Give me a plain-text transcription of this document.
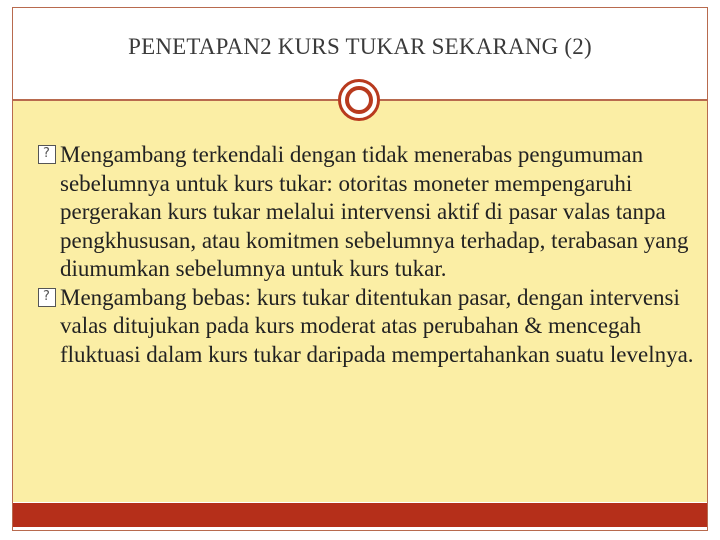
PENETAPAN2 KURS TUKAR SEKARANG (2)

?
Mengambang terkendali dengan tidak menerabas pengumuman sebelumnya untuk kurs tukar: otoritas moneter mempengaruhi pergerakan kurs tukar melalui intervensi aktif di pasar valas tanpa pengkhususan, atau komitmen sebelumnya terhadap, terabasan yang diumumkan sebelumnya untuk kurs tukar.

?
Mengambang bebas: kurs tukar ditentukan pasar, dengan intervensi valas ditujukan pada kurs moderat atas perubahan & mencegah fluktuasi dalam kurs tukar daripada mempertahankan suatu levelnya.
